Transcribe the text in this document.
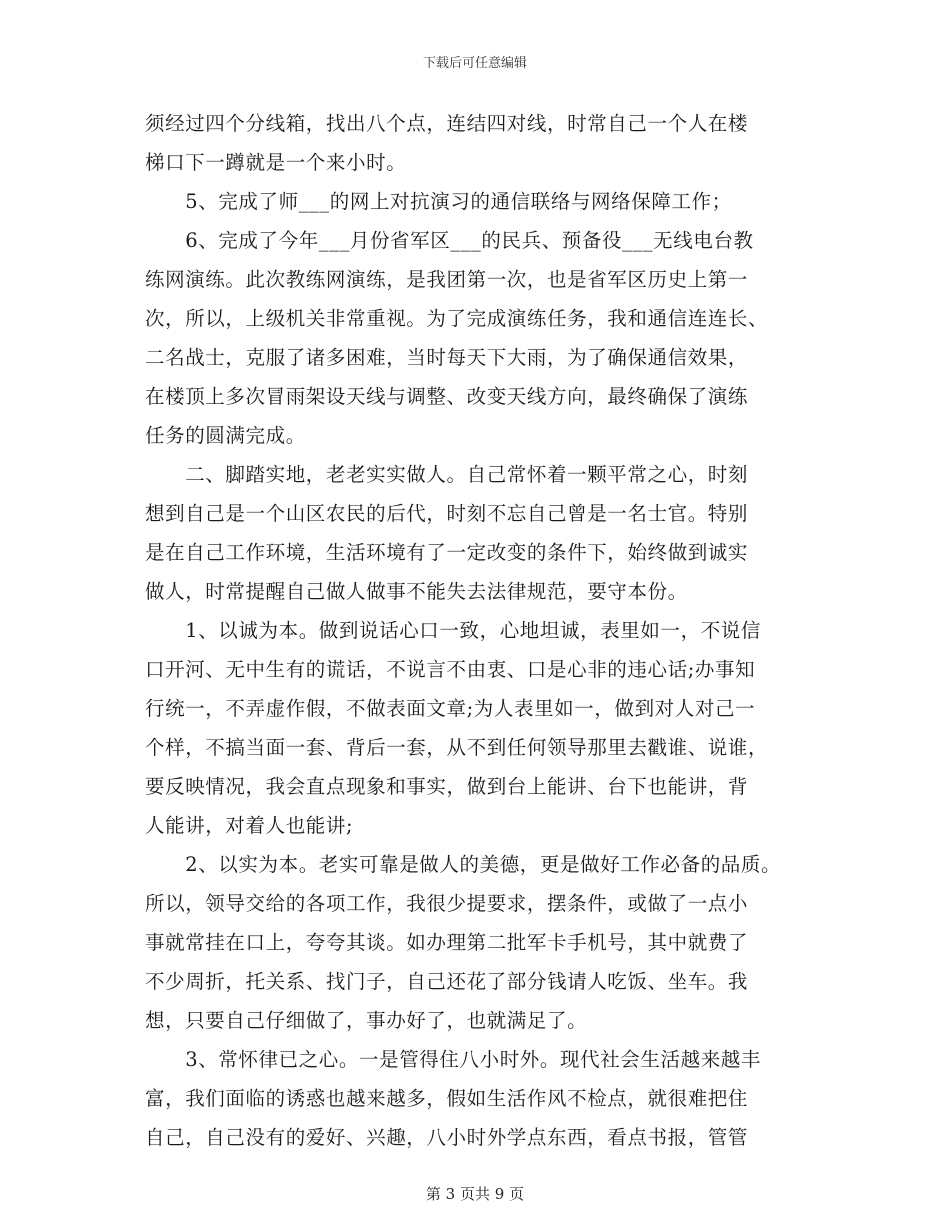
下载后可任意编辑
须经过四个分线箱，找出八个点，连结四对线，时常自己一个人在楼
梯口下一蹲就是一个来小时。
　　5、完成了师___的网上对抗演习的通信联络与网络保障工作；
　　6、完成了今年___月份省军区___的民兵、预备役___无线电台教
练网演练。此次教练网演练，是我团第一次，也是省军区历史上第一
次，所以，上级机关非常重视。为了完成演练任务，我和通信连连长、
二名战士，克服了诸多困难，当时每天下大雨，为了确保通信效果，
在楼顶上多次冒雨架设天线与调整、改变天线方向，最终确保了演练
任务的圆满完成。
　　二、脚踏实地，老老实实做人。自己常怀着一颗平常之心，时刻
想到自己是一个山区农民的后代，时刻不忘自己曾是一名士官。特别
是在自己工作环境，生活环境有了一定改变的条件下，始终做到诚实
做人，时常提醒自己做人做事不能失去法律规范，要守本份。
　　1、以诚为本。做到说话心口一致，心地坦诚，表里如一，不说信
口开河、无中生有的谎话，不说言不由衷、口是心非的违心话;办事知
行统一，不弄虚作假，不做表面文章;为人表里如一，做到对人对己一
个样，不搞当面一套、背后一套，从不到任何领导那里去戳谁、说谁，
要反映情况，我会直点现象和事实，做到台上能讲、台下也能讲，背
人能讲，对着人也能讲;
　　2、以实为本。老实可靠是做人的美德，更是做好工作必备的品质。
所以，领导交给的各项工作，我很少提要求，摆条件，或做了一点小
事就常挂在口上，夸夸其谈。如办理第二批军卡手机号，其中就费了
不少周折，托关系、找门子，自己还花了部分钱请人吃饭、坐车。我
想，只要自己仔细做了，事办好了，也就满足了。
　　3、常怀律已之心。一是管得住八小时外。现代社会生活越来越丰
富，我们面临的诱惑也越来越多，假如生活作风不检点，就很难把住
自己，自己没有的爱好、兴趣，八小时外学点东西，看点书报，管管
第 3 页共 9 页
